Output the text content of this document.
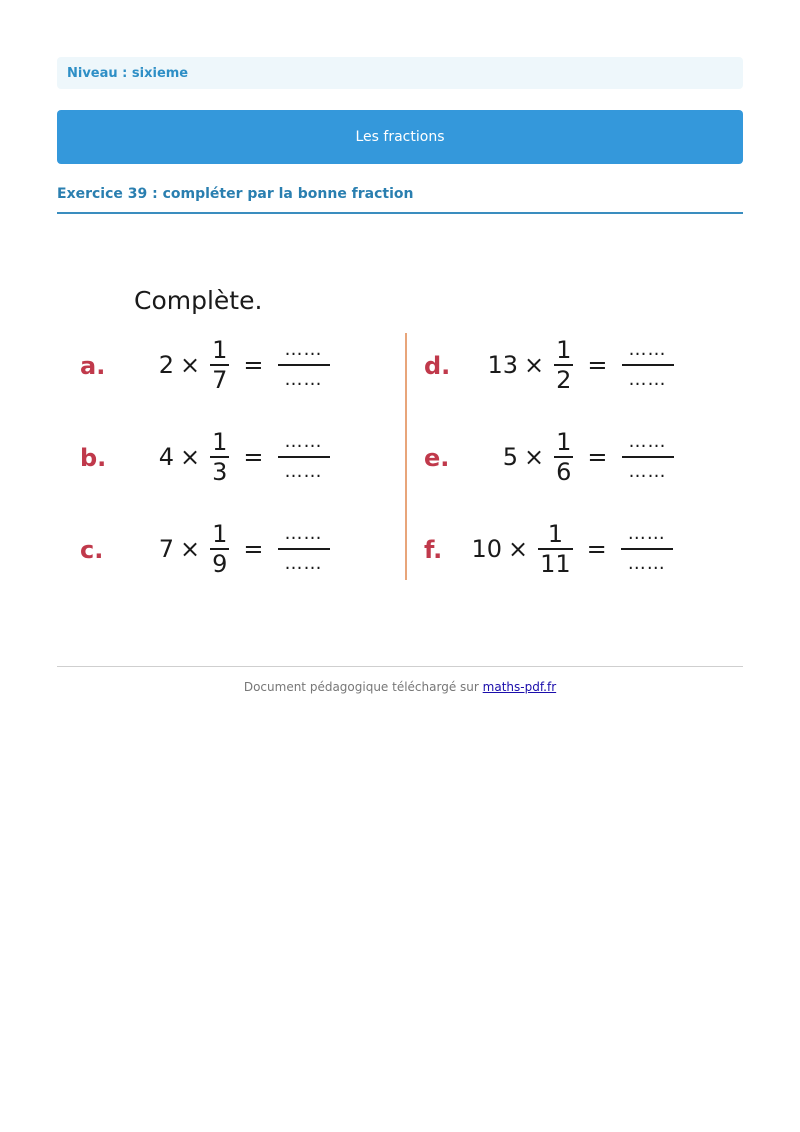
Niveau : sixieme
Les fractions
Exercice 39 : compléter par la bonne fraction
Complète.
a. $2 \times \frac{1}{7}$ =
……
……
b. $4 \times \frac{1}{3}$ =
……
……
c. $7 \times \frac{1}{9}$ =
……
……
d. $13 \times \frac{1}{2}$ =
……
……
e.	$5 \times \frac{1}{6}$ =
……
……
f. $10 \times \frac{1}{11}$ =
……
……
Document pédagogique téléchargé sur maths-pdf.fr
